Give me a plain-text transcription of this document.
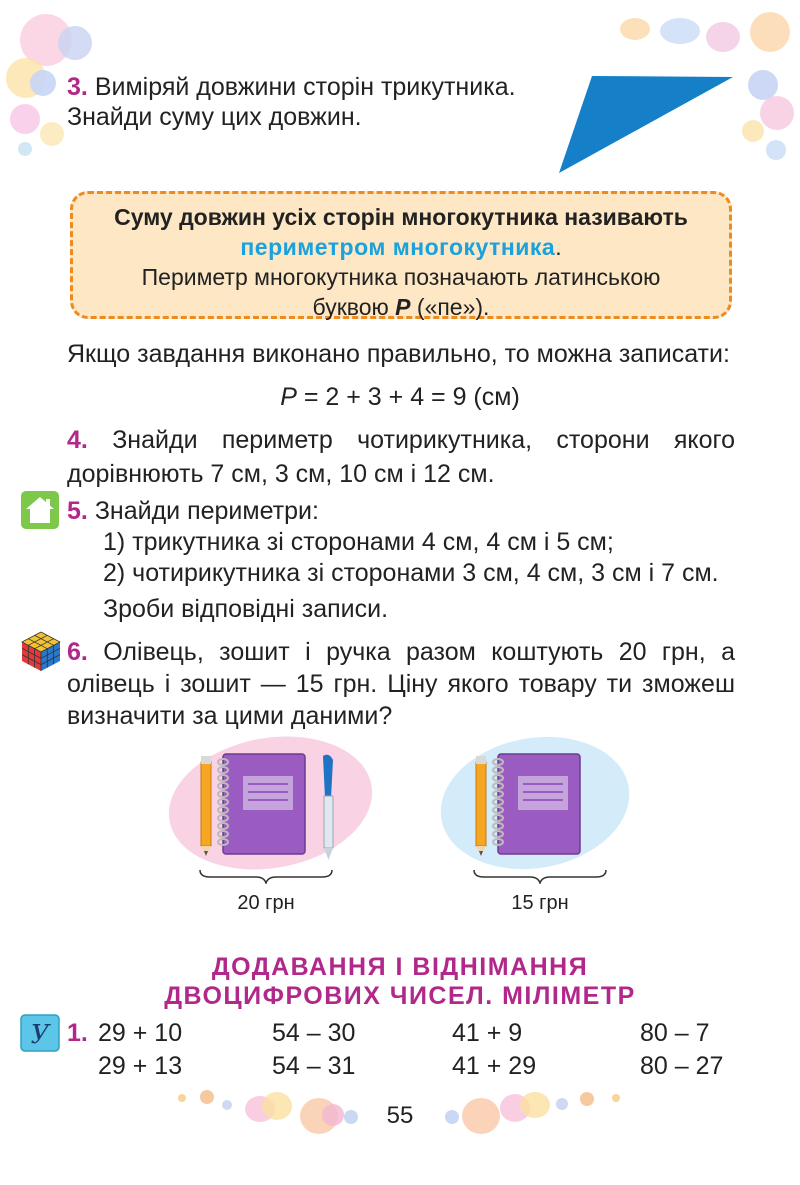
3. Виміряй довжини сторін трикутника.
Знайди суму цих довжин.
Суму довжин усіх сторін многокутника називають
периметром многокутника.
Периметр многокутника позначають латинською
буквою P («пе»).
Якщо завдання виконано правильно, то можна записати:
P = 2 + 3 + 4 = 9 (см)
4. Знайди периметр чотирикутника, сторони якого дорівнюють 7 см, 3 см, 10 см і 12 см.
5. Знайди периметри:
1) трикутника зі сторонами 4 см, 4 см і 5 см;
2) чотирикутника зі сторонами 3 см, 4 см, 3 см і 7 см.
Зроби відповідні записи.
6. Олівець, зошит і ручка разом коштують 20 грн, а олівець і зошит — 15 грн. Ціну якого товару ти зможеш визначити за цими даними?
20 грн	15 грн
ДОДАВАННЯ І ВІДНІМАННЯ
ДВОЦИФРОВИХ ЧИСЕЛ. МІЛІМЕТР
У 1. 29 + 10	54 – 30	41 + 9	80 – 7
29 + 13	54 – 31	41 + 29	80 – 27
55
